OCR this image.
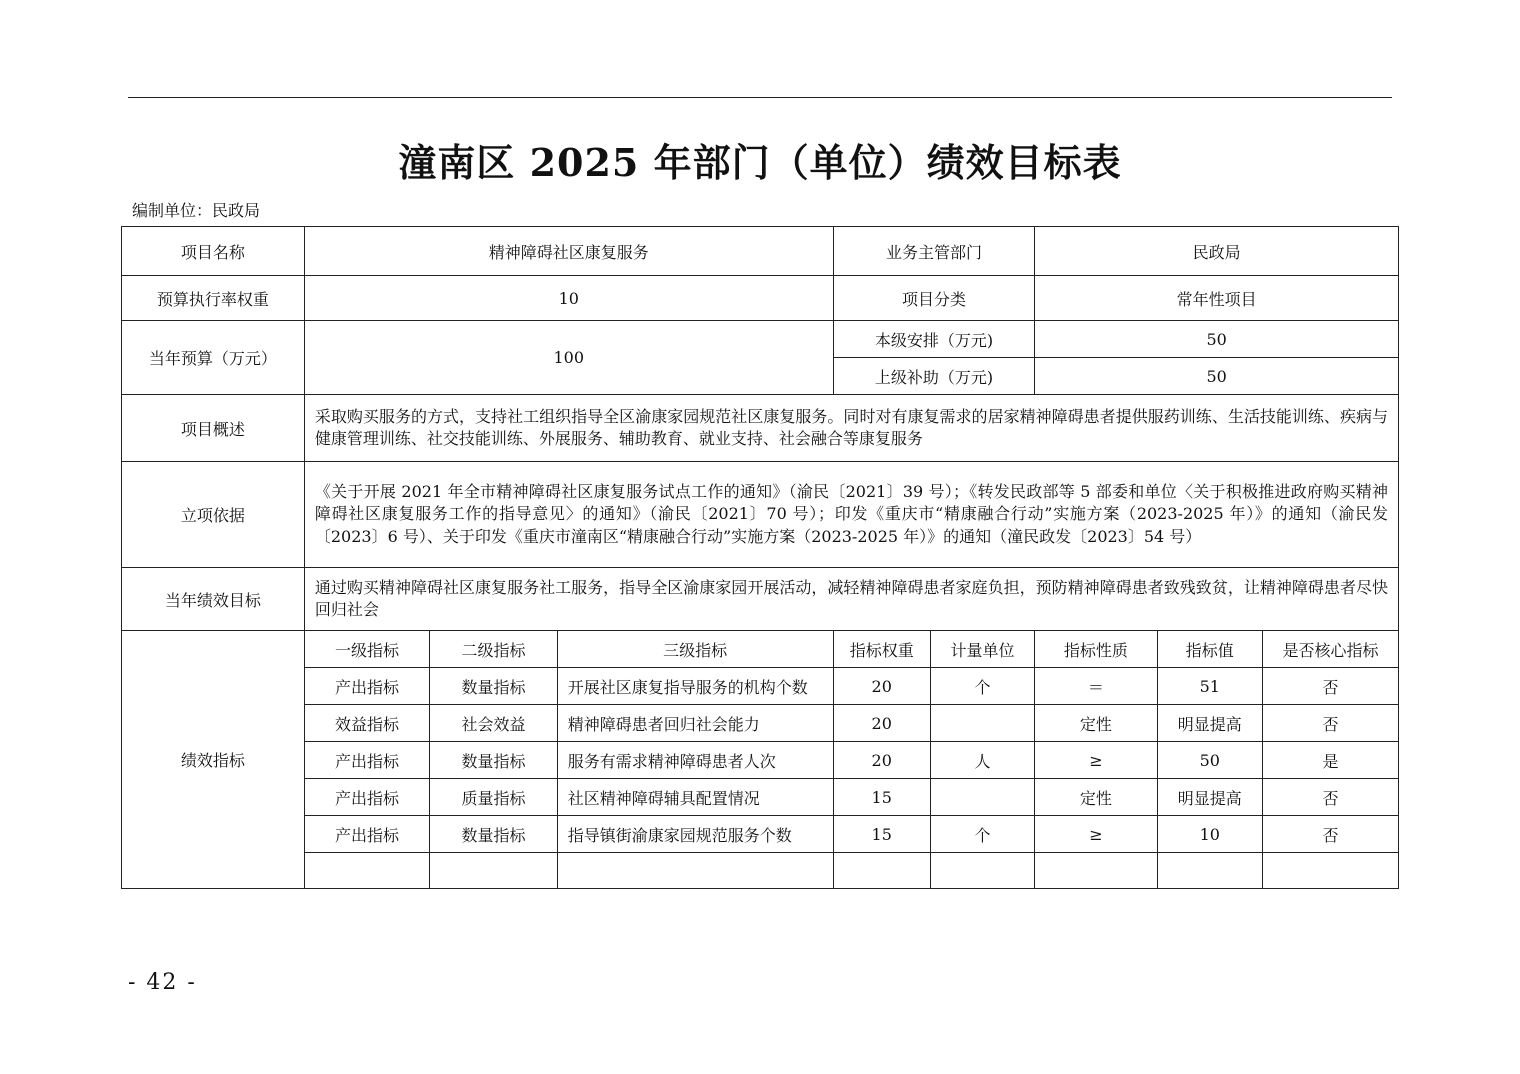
潼南区 2025 年部门（单位）绩效目标表
编制单位：民政局
项目名称	精神障碍社区康复服务			业务主管部门		民政局		
预算执行率权重	10			项目分类		常年性项目		
当年预算（万元）	100			本级安排（万元)		50		
				上级补助（万元)		50		
项目概述	采取购买服务的方式，支持社工组织指导全区渝康家园规范社区康复服务。同时对有康复需求的居家精神障碍患者提供服药训练、生活技能训练、疾病与健康管理训练、社交技能训练、外展服务、辅助教育、就业支持、社会融合等康复服务							
立项依据	《关于开展 2021 年全市精神障碍社区康复服务试点工作的通知》（渝民〔2021〕39 号）；《转发民政部等 5 部委和单位〈关于积极推进政府购买精神障碍社区康复服务工作的指导意见〉的通知》（渝民〔2021〕70 号）；印发《重庆市“精康融合行动”实施方案（2023-2025 年）》的通知（渝民发〔2023〕6 号）、关于印发《重庆市潼南区“精康融合行动”实施方案（2023-2025 年）》的通知（潼民政发〔2023〕54 号）							
当年绩效目标	通过购买精神障碍社区康复服务社工服务，指导全区渝康家园开展活动，减轻精神障碍患者家庭负担，预防精神障碍患者致残致贫，让精神障碍患者尽快回归社会							
绩效指标	一级指标	二级指标	三级指标	指标权重	计量单位	指标性质	指标值	是否核心指标
	产出指标	数量指标	开展社区康复指导服务的机构个数	20	个	＝	51	否
	效益指标	社会效益	精神障碍患者回归社会能力	20		定性	明显提高	否
	产出指标	数量指标	服务有需求精神障碍患者人次	20	人	≥	50	是
	产出指标	质量指标	社区精神障碍辅具配置情况	15		定性	明显提高	否
	产出指标	数量指标	指导镇街渝康家园规范服务个数	15	个	≥	10	否

- 42 -
